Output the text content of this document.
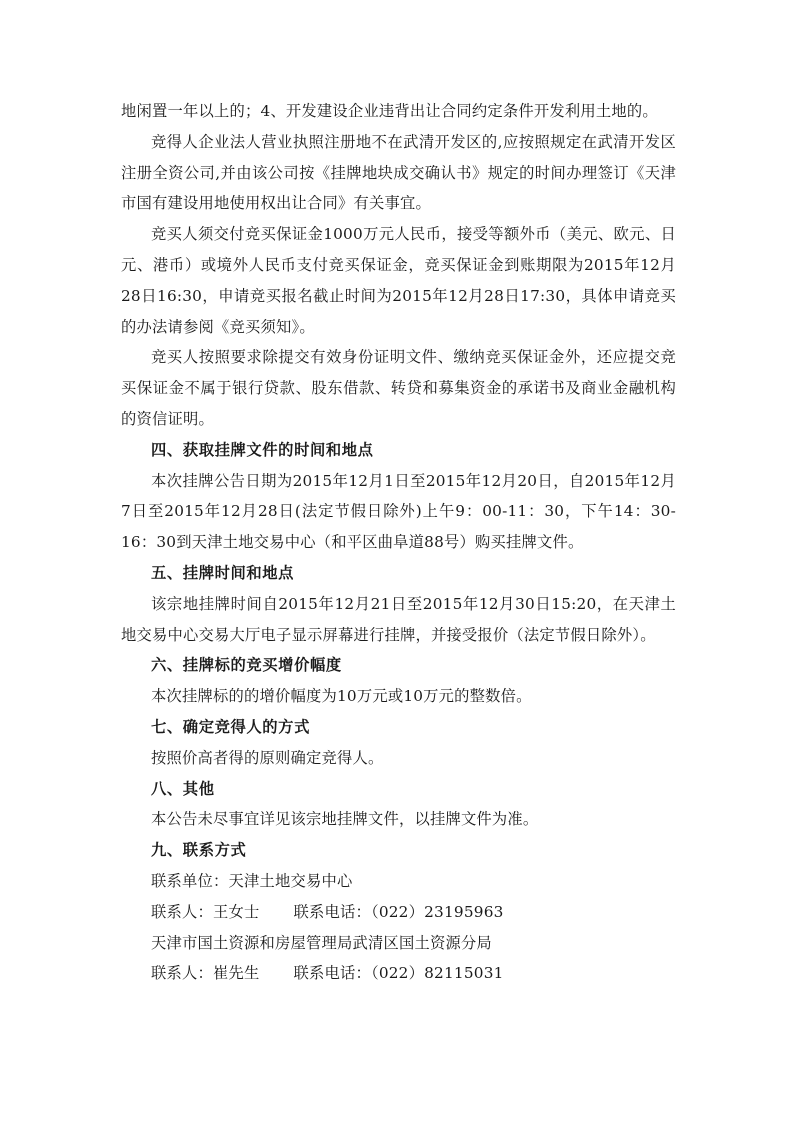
地闲置一年以上的；4、开发建设企业违背出让合同约定条件开发利用土地的。

竞得人企业法人营业执照注册地不在武清开发区的,应按照规定在武清开发区注册全资公司,并由该公司按《挂牌地块成交确认书》规定的时间办理签订《天津市国有建设用地使用权出让合同》有关事宜。

竞买人须交付竞买保证金1000万元人民币，接受等额外币（美元、欧元、日元、港币）或境外人民币支付竞买保证金，竞买保证金到账期限为2015年12月28日16:30，申请竞买报名截止时间为2015年12月28日17:30，具体申请竞买的办法请参阅《竞买须知》。

竞买人按照要求除提交有效身份证明文件、缴纳竞买保证金外，还应提交竞买保证金不属于银行贷款、股东借款、转贷和募集资金的承诺书及商业金融机构的资信证明。

四、获取挂牌文件的时间和地点

本次挂牌公告日期为2015年12月1日至2015年12月20日，自2015年12月7日至2015年12月28日(法定节假日除外)上午9：00-11：30，下午14：30-16：30到天津土地交易中心（和平区曲阜道88号）购买挂牌文件。

五、挂牌时间和地点

该宗地挂牌时间自2015年12月21日至2015年12月30日15:20，在天津土地交易中心交易大厅电子显示屏幕进行挂牌，并接受报价（法定节假日除外）。

六、挂牌标的竞买增价幅度

本次挂牌标的的增价幅度为10万元或10万元的整数倍。

七、确定竞得人的方式

按照价高者得的原则确定竞得人。

八、其他

本公告未尽事宜详见该宗地挂牌文件，以挂牌文件为准。

九、联系方式

联系单位：天津土地交易中心

联系人：王女士 联系电话：（022）23195963

天津市国土资源和房屋管理局武清区国土资源分局

联系人：崔先生 联系电话：（022）82115031
